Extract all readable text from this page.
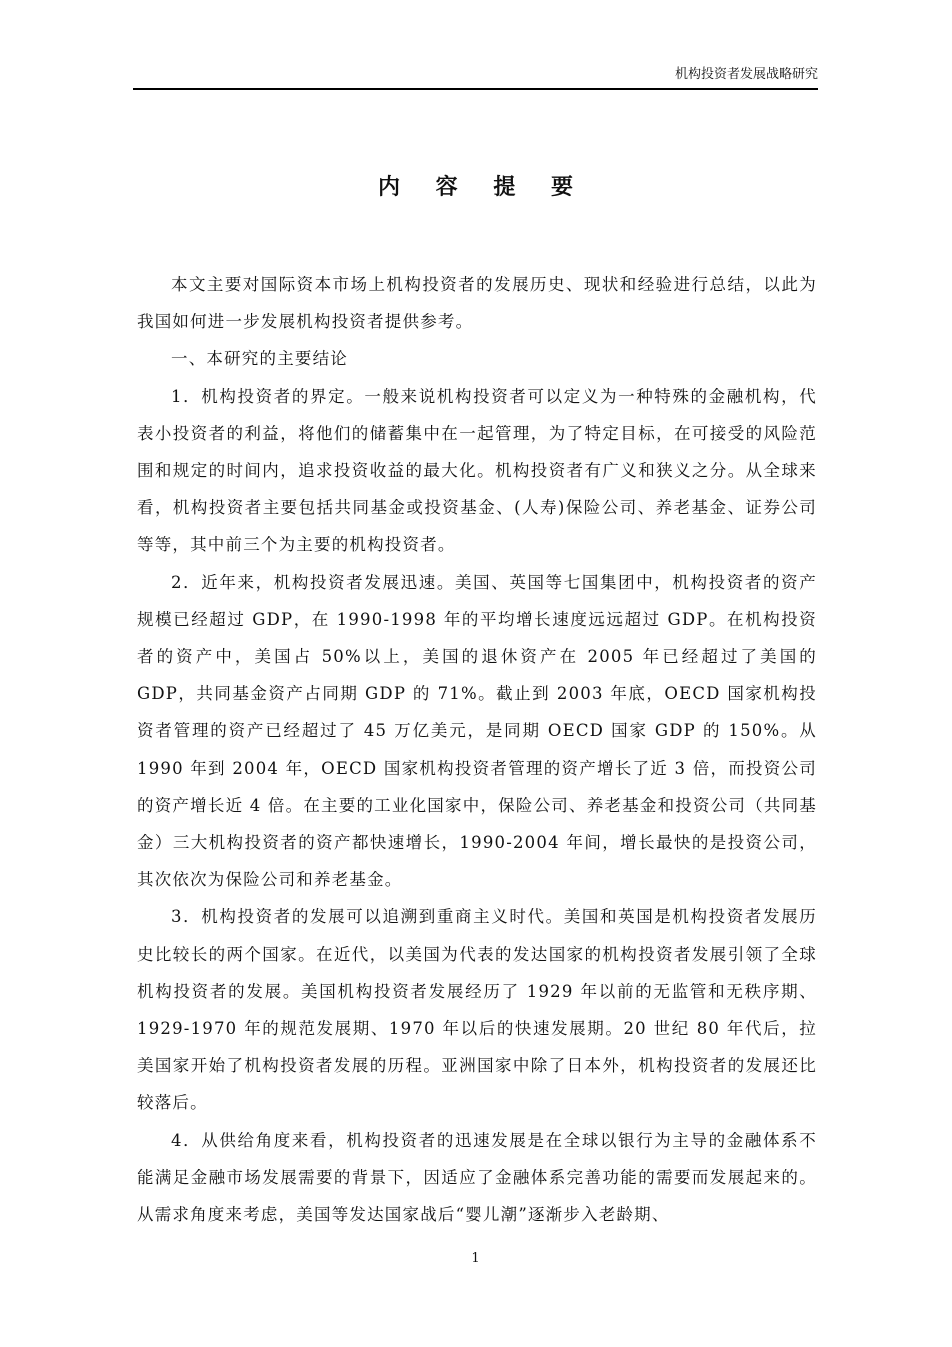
机构投资者发展战略研究
内 容 提 要

本文主要对国际资本市场上机构投资者的发展历史、现状和经验进行总结，以此为我国如何进一步发展机构投资者提供参考。

一、本研究的主要结论

1．机构投资者的界定。一般来说机构投资者可以定义为一种特殊的金融机构，代表小投资者的利益，将他们的储蓄集中在一起管理，为了特定目标，在可接受的风险范围和规定的时间内，追求投资收益的最大化。机构投资者有广义和狭义之分。从全球来看，机构投资者主要包括共同基金或投资基金、(人寿)保险公司、养老基金、证券公司等等，其中前三个为主要的机构投资者。

2．近年来，机构投资者发展迅速。美国、英国等七国集团中，机构投资者的资产规模已经超过 GDP，在 1990-1998 年的平均增长速度远远超过 GDP。在机构投资者的资产中，美国占 50%以上，美国的退休资产在 2005 年已经超过了美国的 GDP，共同基金资产占同期 GDP 的 71%。截止到 2003 年底，OECD 国家机构投资者管理的资产已经超过了 45 万亿美元，是同期 OECD 国家 GDP 的 150%。从 1990 年到 2004 年，OECD 国家机构投资者管理的资产增长了近 3 倍，而投资公司的资产增长近 4 倍。在主要的工业化国家中，保险公司、养老基金和投资公司（共同基金）三大机构投资者的资产都快速增长，1990-2004 年间，增长最快的是投资公司，其次依次为保险公司和养老基金。

3．机构投资者的发展可以追溯到重商主义时代。美国和英国是机构投资者发展历史比较长的两个国家。在近代，以美国为代表的发达国家的机构投资者发展引领了全球机构投资者的发展。美国机构投资者发展经历了 1929 年以前的无监管和无秩序期、1929-1970 年的规范发展期、1970 年以后的快速发展期。20 世纪 80 年代后，拉美国家开始了机构投资者发展的历程。亚洲国家中除了日本外，机构投资者的发展还比较落后。

4．从供给角度来看，机构投资者的迅速发展是在全球以银行为主导的金融体系不能满足金融市场发展需要的背景下，因适应了金融体系完善功能的需要而发展起来的。从需求角度来考虑，美国等发达国家战后“婴儿潮”逐渐步入老龄期、

1
